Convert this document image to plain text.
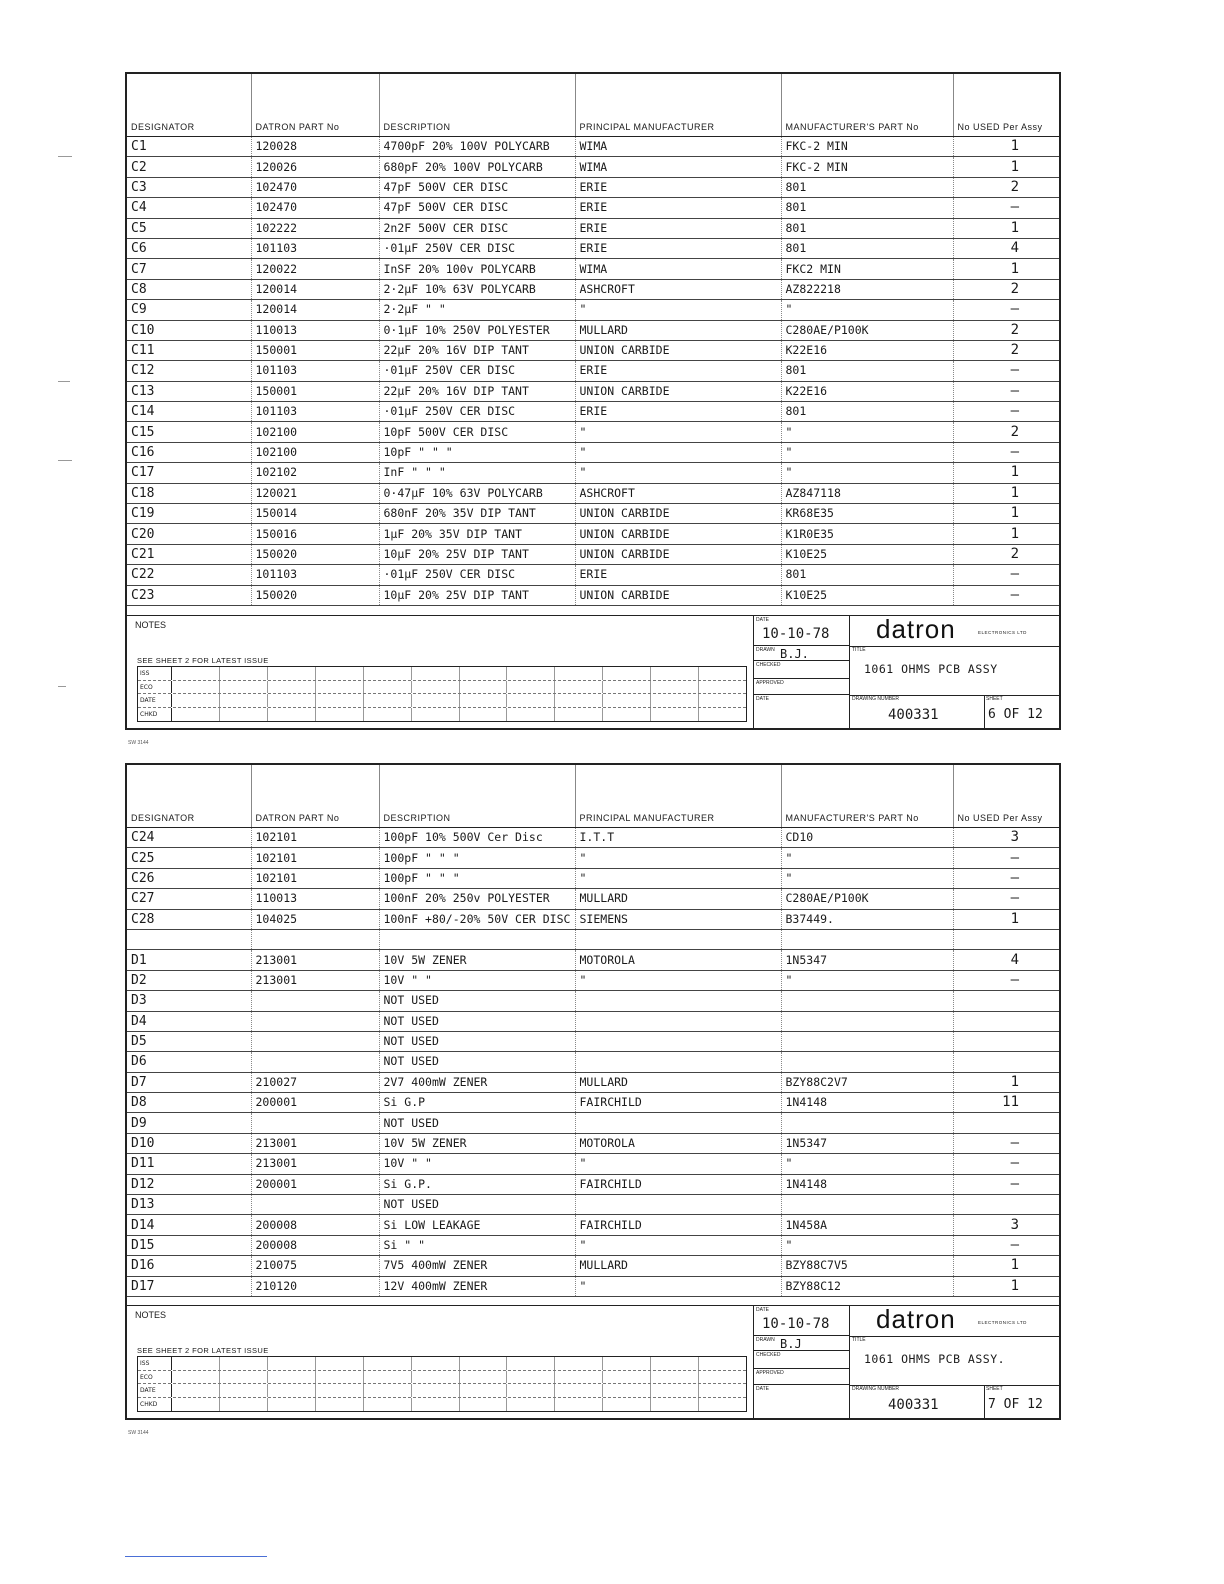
DESIGNATOR	DATRON PART No	DESCRIPTION	PRINCIPAL MANUFACTURER	MANUFACTURER'S PART No	No USED Per Assy
C1	120028	4700pF 20% 100V POLYCARB	WIMA	FKC-2 MIN	1
C2	120026	680pF 20% 100V POLYCARB	WIMA	FKC-2 MIN	1
C3	102470	47pF 500V CER DISC	ERIE	801	2
C4	102470	47pF 500V CER DISC	ERIE	801	—
C5	102222	2n2F 500V CER DISC	ERIE	801	1
C6	101103	·01μF 250V CER DISC	ERIE	801	4
C7	120022	InSF 20% 100v POLYCARB	WIMA	FKC2 MIN	1
C8	120014	2·2μF 10% 63V POLYCARB	ASHCROFT	AZ822218	2
C9	120014	2·2μF " "	"	"	—
C10	110013	0·1μF 10% 250V POLYESTER	MULLARD	C280AE/P100K	2
C11	150001	22μF 20% 16V DIP TANT	UNION CARBIDE	K22E16	2
C12	101103	·01μF 250V CER DISC	ERIE	801	—
C13	150001	22μF 20% 16V DIP TANT	UNION CARBIDE	K22E16	—
C14	101103	·01μF 250V CER DISC	ERIE	801	—
C15	102100	10pF 500V CER DISC	"	"	2
C16	102100	10pF " " "	"	"	—
C17	102102	InF " " "	"	"	1
C18	120021	0·47μF 10% 63V POLYCARB	ASHCROFT	AZ847118	1
C19	150014	680nF 20% 35V DIP TANT	UNION CARBIDE	KR68E35	1
C20	150016	1μF 20% 35V DIP TANT	UNION CARBIDE	K1R0E35	1
C21	150020	10μF 20% 25V DIP TANT	UNION CARBIDE	K10E25	2
C22	101103	·01μF 250V CER DISC	ERIE	801	—
C23	150020	10μF 20% 25V DIP TANT	UNION CARBIDE	K10E25	—
NOTES
SEE SHEET 2 FOR LATEST ISSUE
ISS
ECO
DATE
CHKD
DATE
10-10-78
DRAWN B.J.
CHECKED
APPROVED
DATE
datron	ELECTRONICS LTD
TITLE
1061 OHMS PCB ASSY
DRAWING NUMBER
400331
SHEET
6 OF 12
SW 3144
DESIGNATOR	DATRON PART No	DESCRIPTION	PRINCIPAL MANUFACTURER	MANUFACTURER'S PART No	No USED Per Assy
C24	102101	100pF 10% 500V Cer Disc	I.T.T	CD10	3
C25	102101	100pF " " "	"	"	—
C26	102101	100pF " " "	"	"	—
C27	110013	100nF 20% 250v POLYESTER	MULLARD	C280AE/P100K	—
C28	104025	100nF +80/-20% 50V CER DISC	SIEMENS	B37449.	1

D1	213001	10V 5W ZENER	MOTOROLA	1N5347	4
D2	213001	10V " "	"	"	—
D3		NOT USED			
D4		NOT USED			
D5		NOT USED			
D6		NOT USED			
D7	210027	2V7 400mW ZENER	MULLARD	BZY88C2V7	1
D8	200001	Si G.P	FAIRCHILD	1N4148	11
D9		NOT USED			
D10	213001	10V 5W ZENER	MOTOROLA	1N5347	—
D11	213001	10V " "	"	"	—
D12	200001	Si G.P.	FAIRCHILD	1N4148	—
D13		NOT USED			
D14	200008	Si LOW LEAKAGE	FAIRCHILD	1N458A	3
D15	200008	Si " "	"	"	—
D16	210075	7V5 400mW ZENER	MULLARD	BZY88C7V5	1
D17	210120	12V 400mW ZENER	"	BZY88C12	1
NOTES
SEE SHEET 2 FOR LATEST ISSUE
ISS
ECO
DATE
CHKD
DATE
10-10-78
DRAWN B.J
CHECKED
APPROVED
DATE
datron	ELECTRONICS LTD
TITLE
1061 OHMS PCB ASSY.
DRAWING NUMBER
400331
SHEET
7 OF 12
SW 3144
